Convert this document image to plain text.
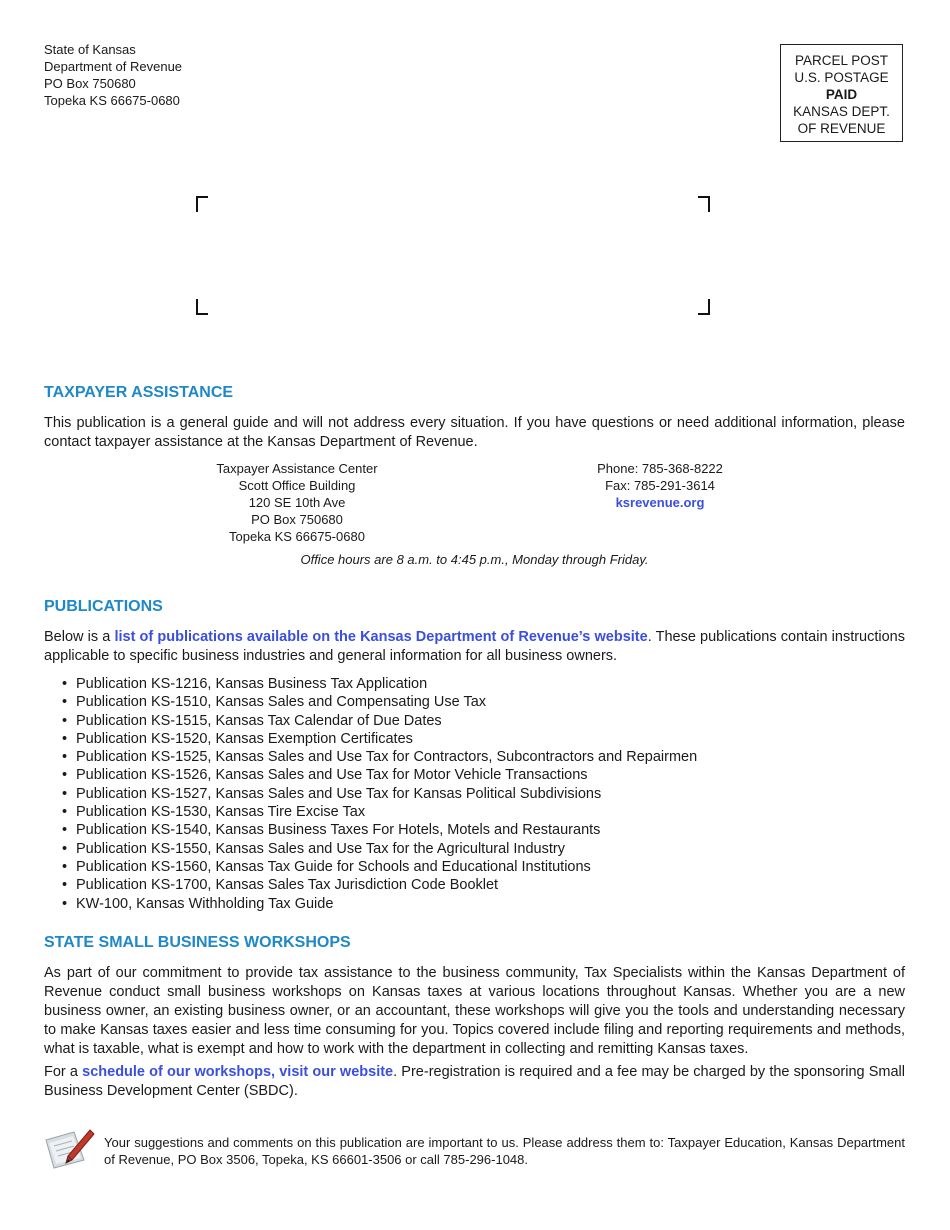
State of Kansas
Department of Revenue
PO Box 750680
Topeka KS 66675-0680
PARCEL POST
U.S. POSTAGE
PAID
KANSAS DEPT.
OF REVENUE
TAXPAYER ASSISTANCE

This publication is a general guide and will not address every situation. If you have questions or need additional information, please contact taxpayer assistance at the Kansas Department of Revenue.

Taxpayer Assistance Center
Scott Office Building
120 SE 10th Ave
PO Box 750680
Topeka KS 66675-0680
Phone: 785-368-8222
Fax: 785-291-3614
ksrevenue.org
Office hours are 8 a.m. to 4:45 p.m., Monday through Friday.
PUBLICATIONS

Below is a list of publications available on the Kansas Department of Revenue’s website. These publications contain instructions applicable to specific business industries and general information for all business owners.

• Publication KS-1216, Kansas Business Tax Application
• Publication KS-1510, Kansas Sales and Compensating Use Tax
• Publication KS-1515, Kansas Tax Calendar of Due Dates
• Publication KS-1520, Kansas Exemption Certificates
• Publication KS-1525, Kansas Sales and Use Tax for Contractors, Subcontractors and Repairmen
• Publication KS-1526, Kansas Sales and Use Tax for Motor Vehicle Transactions
• Publication KS-1527, Kansas Sales and Use Tax for Kansas Political Subdivisions
• Publication KS-1530, Kansas Tire Excise Tax
• Publication KS-1540, Kansas Business Taxes For Hotels, Motels and Restaurants
• Publication KS-1550, Kansas Sales and Use Tax for the Agricultural Industry
• Publication KS-1560, Kansas Tax Guide for Schools and Educational Institutions
• Publication KS-1700, Kansas Sales Tax Jurisdiction Code Booklet
• KW-100, Kansas Withholding Tax Guide
STATE SMALL BUSINESS WORKSHOPS

As part of our commitment to provide tax assistance to the business community, Tax Specialists within the Kansas Department of Revenue conduct small business workshops on Kansas taxes at various locations throughout Kansas. Whether you are a new business owner, an existing business owner, or an accountant, these workshops will give you the tools and understanding necessary to make Kansas taxes easier and less time consuming for you. Topics covered include filing and reporting requirements and methods, what is taxable, what is exempt and how to work with the department in collecting and remitting Kansas taxes.

For a schedule of our workshops, visit our website. Pre-registration is required and a fee may be charged by the sponsoring Small Business Development Center (SBDC).

Your suggestions and comments on this publication are important to us. Please address them to: Taxpayer Education, Kansas Department of Revenue, PO Box 3506, Topeka, KS 66601-3506 or call 785-296-1048.
